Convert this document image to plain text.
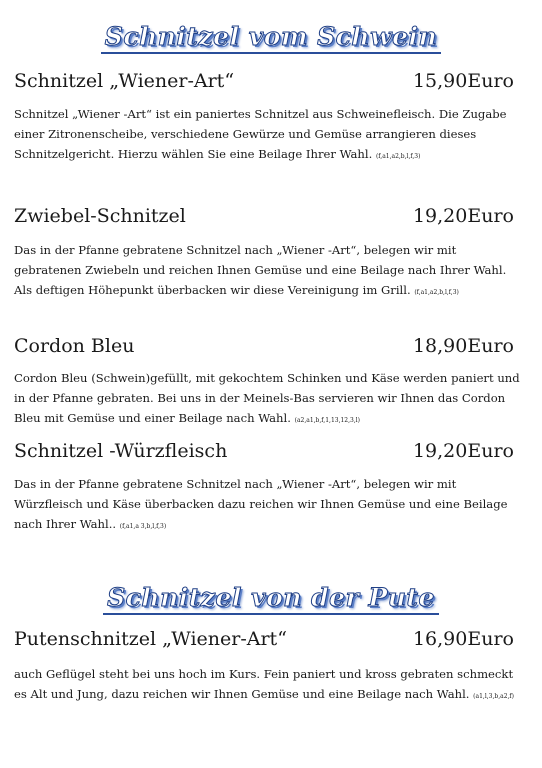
Schnitzel vom Schwein
Schnitzel „Wiener-Art“	15,90Euro
Schnitzel „Wiener -Art“ ist ein paniertes Schnitzel aus Schweinefleisch. Die Zugabe einer Zitronenscheibe, verschiedene Gewürze und Gemüse arrangieren dieses Schnitzelgericht. Hierzu wählen Sie eine Beilage Ihrer Wahl. (f,a1,a2,b,l,f,3)
Zwiebel-Schnitzel	19,20Euro
Das in der Pfanne gebratene Schnitzel nach „Wiener -Art“, belegen wir mit gebratenen Zwiebeln und reichen Ihnen Gemüse und eine Beilage nach Ihrer Wahl. Als deftigen Höhepunkt überbacken wir diese Vereinigung im Grill. (f,a1,a2,b,l,f,3)
Cordon Bleu	18,90Euro
Cordon Bleu (Schwein)gefüllt, mit gekochtem Schinken und Käse werden paniert und in der Pfanne gebraten. Bei uns in der Meinels-Bas servieren wir Ihnen das Cordon Bleu mit Gemüse und einer Beilage nach Wahl. (a2,a1,b,f,1,13,12,3,l)
Schnitzel -Würzfleisch	19,20Euro
Das in der Pfanne gebratene Schnitzel nach „Wiener -Art“, belegen wir mit Würzfleisch und Käse überbacken dazu reichen wir Ihnen Gemüse und eine Beilage nach Ihrer Wahl.. (f,a1,a 3,b,l,f,3)
Schnitzel von der Pute
Putenschnitzel „Wiener-Art“	16,90Euro
auch Geflügel steht bei uns hoch im Kurs. Fein paniert und kross gebraten schmeckt es Alt und Jung, dazu reichen wir Ihnen Gemüse und eine Beilage nach Wahl. (a1,l,3,b,a2,f)
